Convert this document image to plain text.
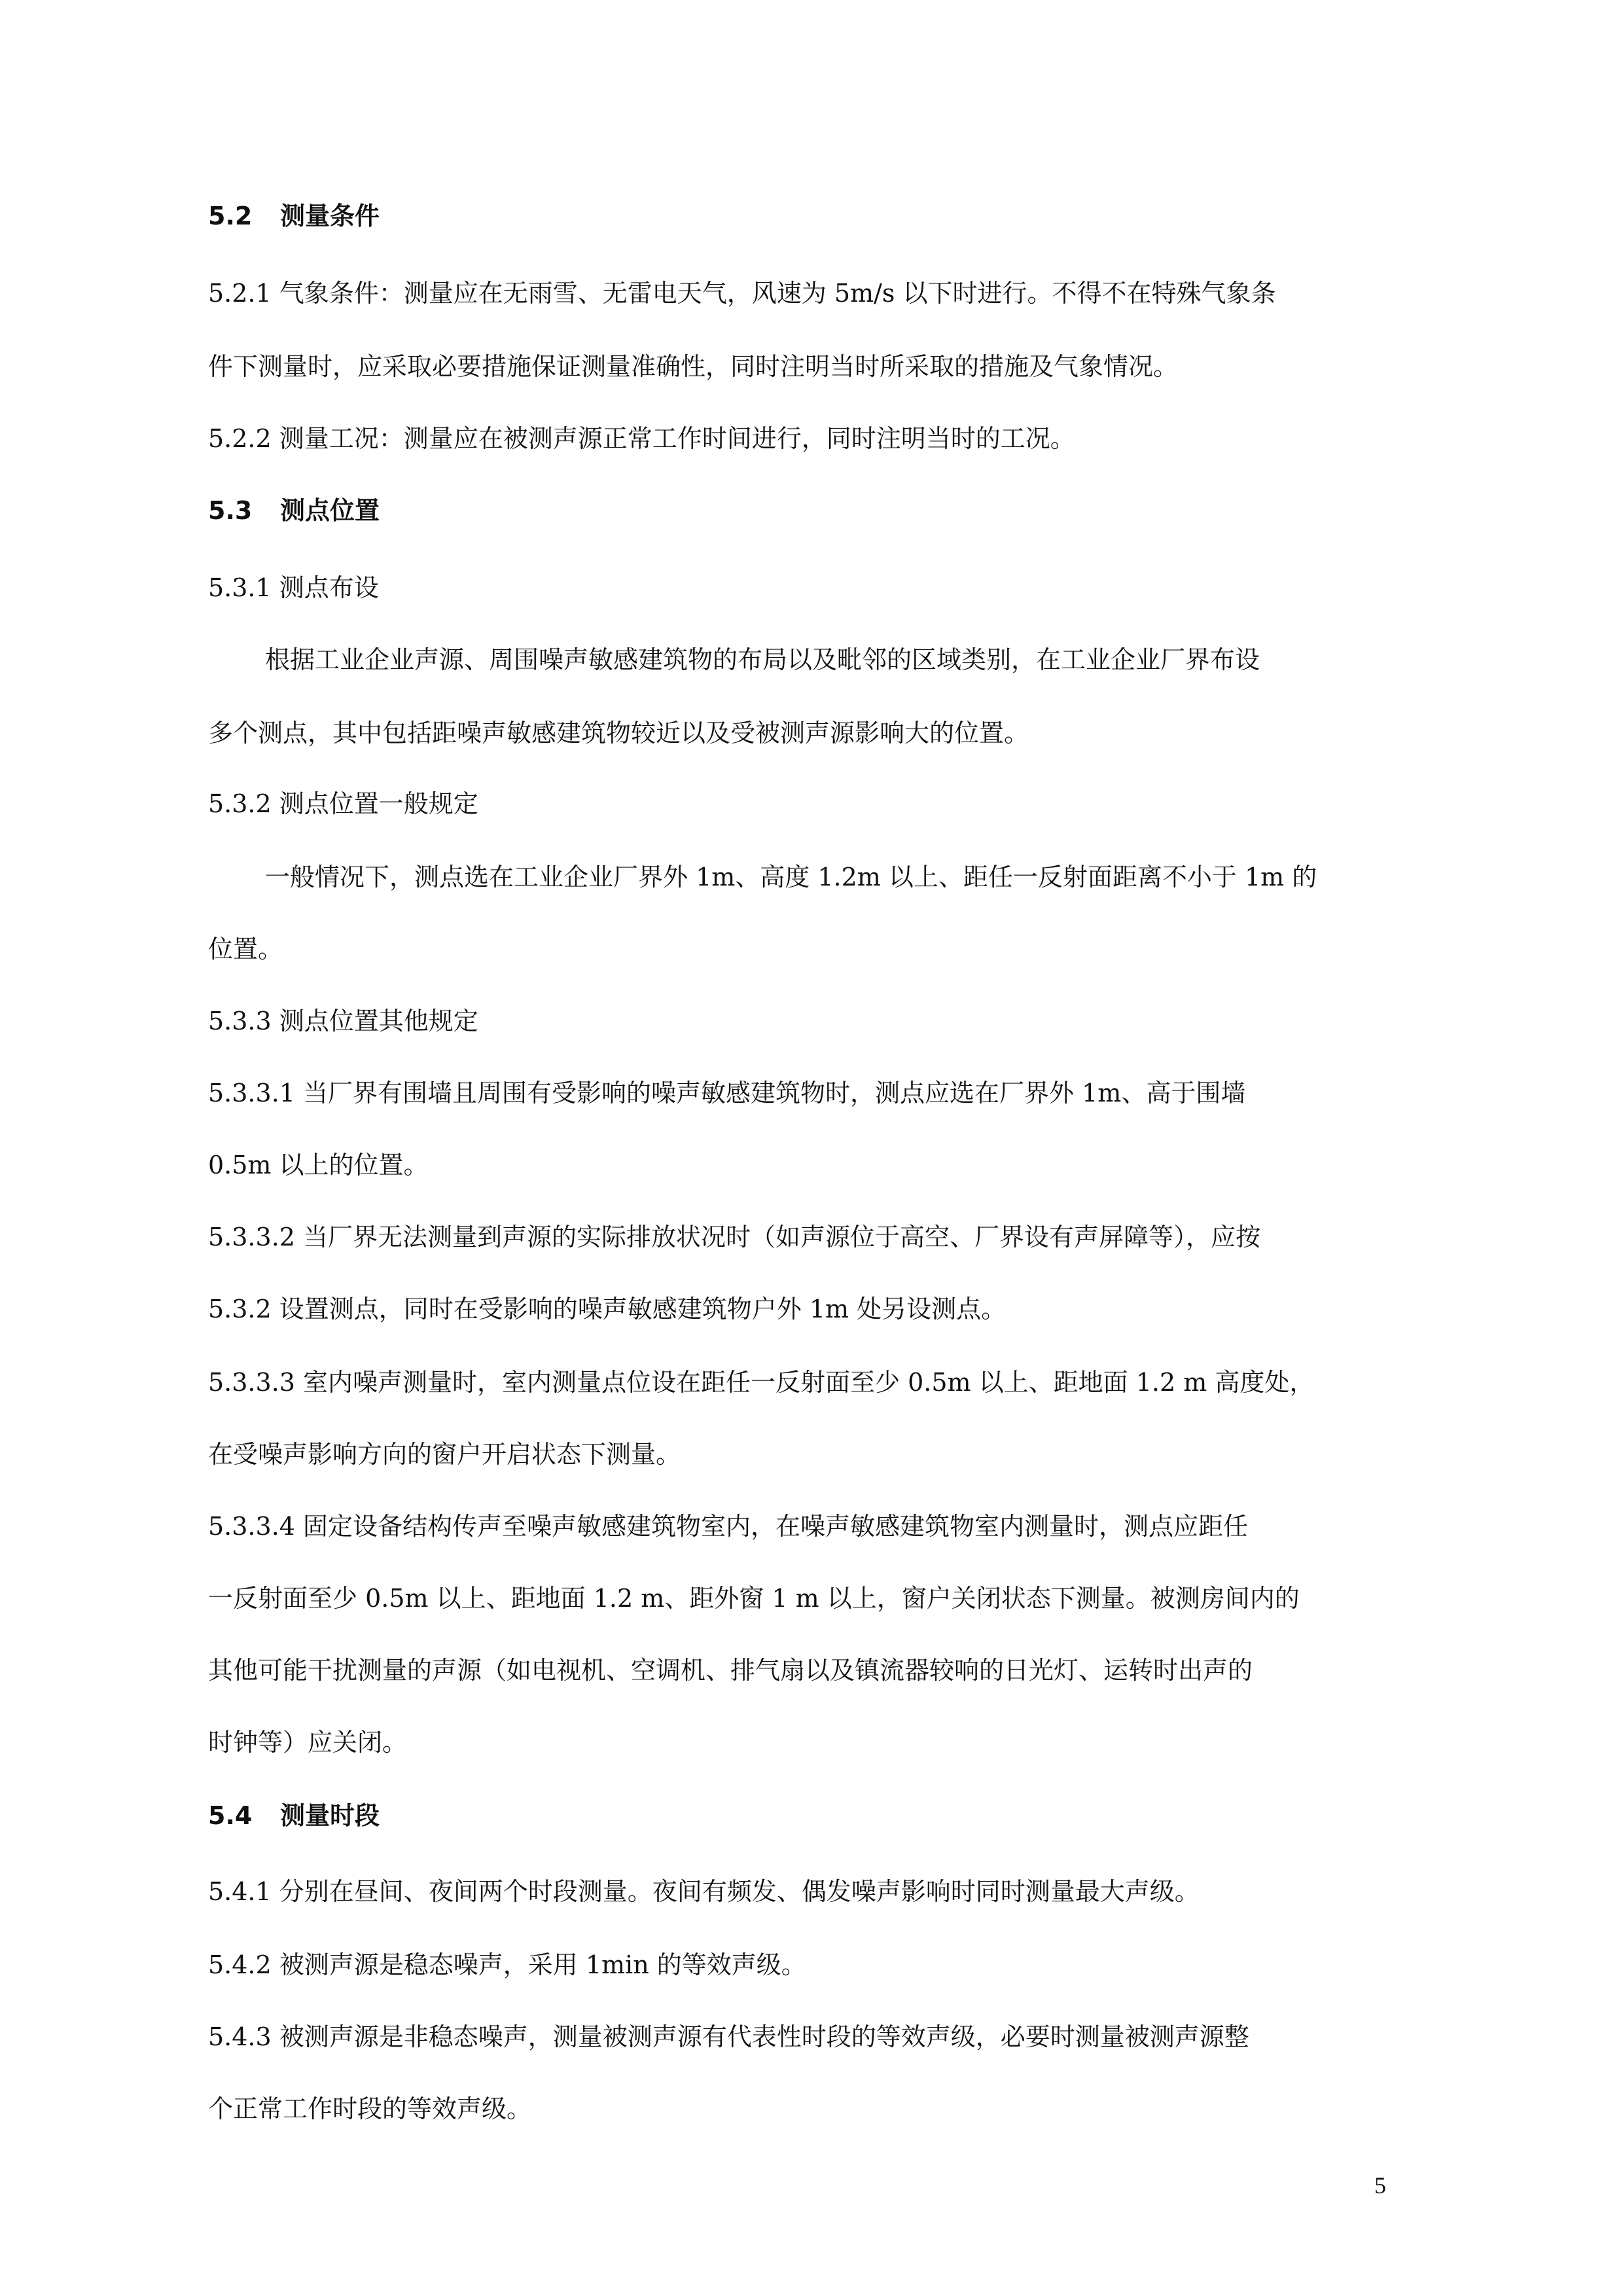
5.2 测量条件
5.2.1 气象条件：测量应在无雨雪、无雷电天气，风速为 5m/s 以下时进行。不得不在特殊气象条
件下测量时，应采取必要措施保证测量准确性，同时注明当时所采取的措施及气象情况。
5.2.2 测量工况：测量应在被测声源正常工作时间进行，同时注明当时的工况。
5.3 测点位置
5.3.1 测点布设
根据工业企业声源、周围噪声敏感建筑物的布局以及毗邻的区域类别，在工业企业厂界布设
多个测点，其中包括距噪声敏感建筑物较近以及受被测声源影响大的位置。
5.3.2 测点位置一般规定
一般情况下，测点选在工业企业厂界外 1m、高度 1.2m 以上、距任一反射面距离不小于 1m 的
位置。
5.3.3 测点位置其他规定
5.3.3.1 当厂界有围墙且周围有受影响的噪声敏感建筑物时，测点应选在厂界外 1m、高于围墙
0.5m 以上的位置。
5.3.3.2 当厂界无法测量到声源的实际排放状况时（如声源位于高空、厂界设有声屏障等），应按
5.3.2 设置测点，同时在受影响的噪声敏感建筑物户外 1m 处另设测点。
5.3.3.3 室内噪声测量时，室内测量点位设在距任一反射面至少 0.5m 以上、距地面 1.2 m 高度处，
在受噪声影响方向的窗户开启状态下测量。
5.3.3.4 固定设备结构传声至噪声敏感建筑物室内，在噪声敏感建筑物室内测量时，测点应距任
一反射面至少 0.5m 以上、距地面 1.2 m、距外窗 1 m 以上，窗户关闭状态下测量。被测房间内的
其他可能干扰测量的声源（如电视机、空调机、排气扇以及镇流器较响的日光灯、运转时出声的
时钟等）应关闭。
5.4 测量时段
5.4.1 分别在昼间、夜间两个时段测量。夜间有频发、偶发噪声影响时同时测量最大声级。
5.4.2 被测声源是稳态噪声，采用 1min 的等效声级。
5.4.3 被测声源是非稳态噪声，测量被测声源有代表性时段的等效声级，必要时测量被测声源整
个正常工作时段的等效声级。
5
